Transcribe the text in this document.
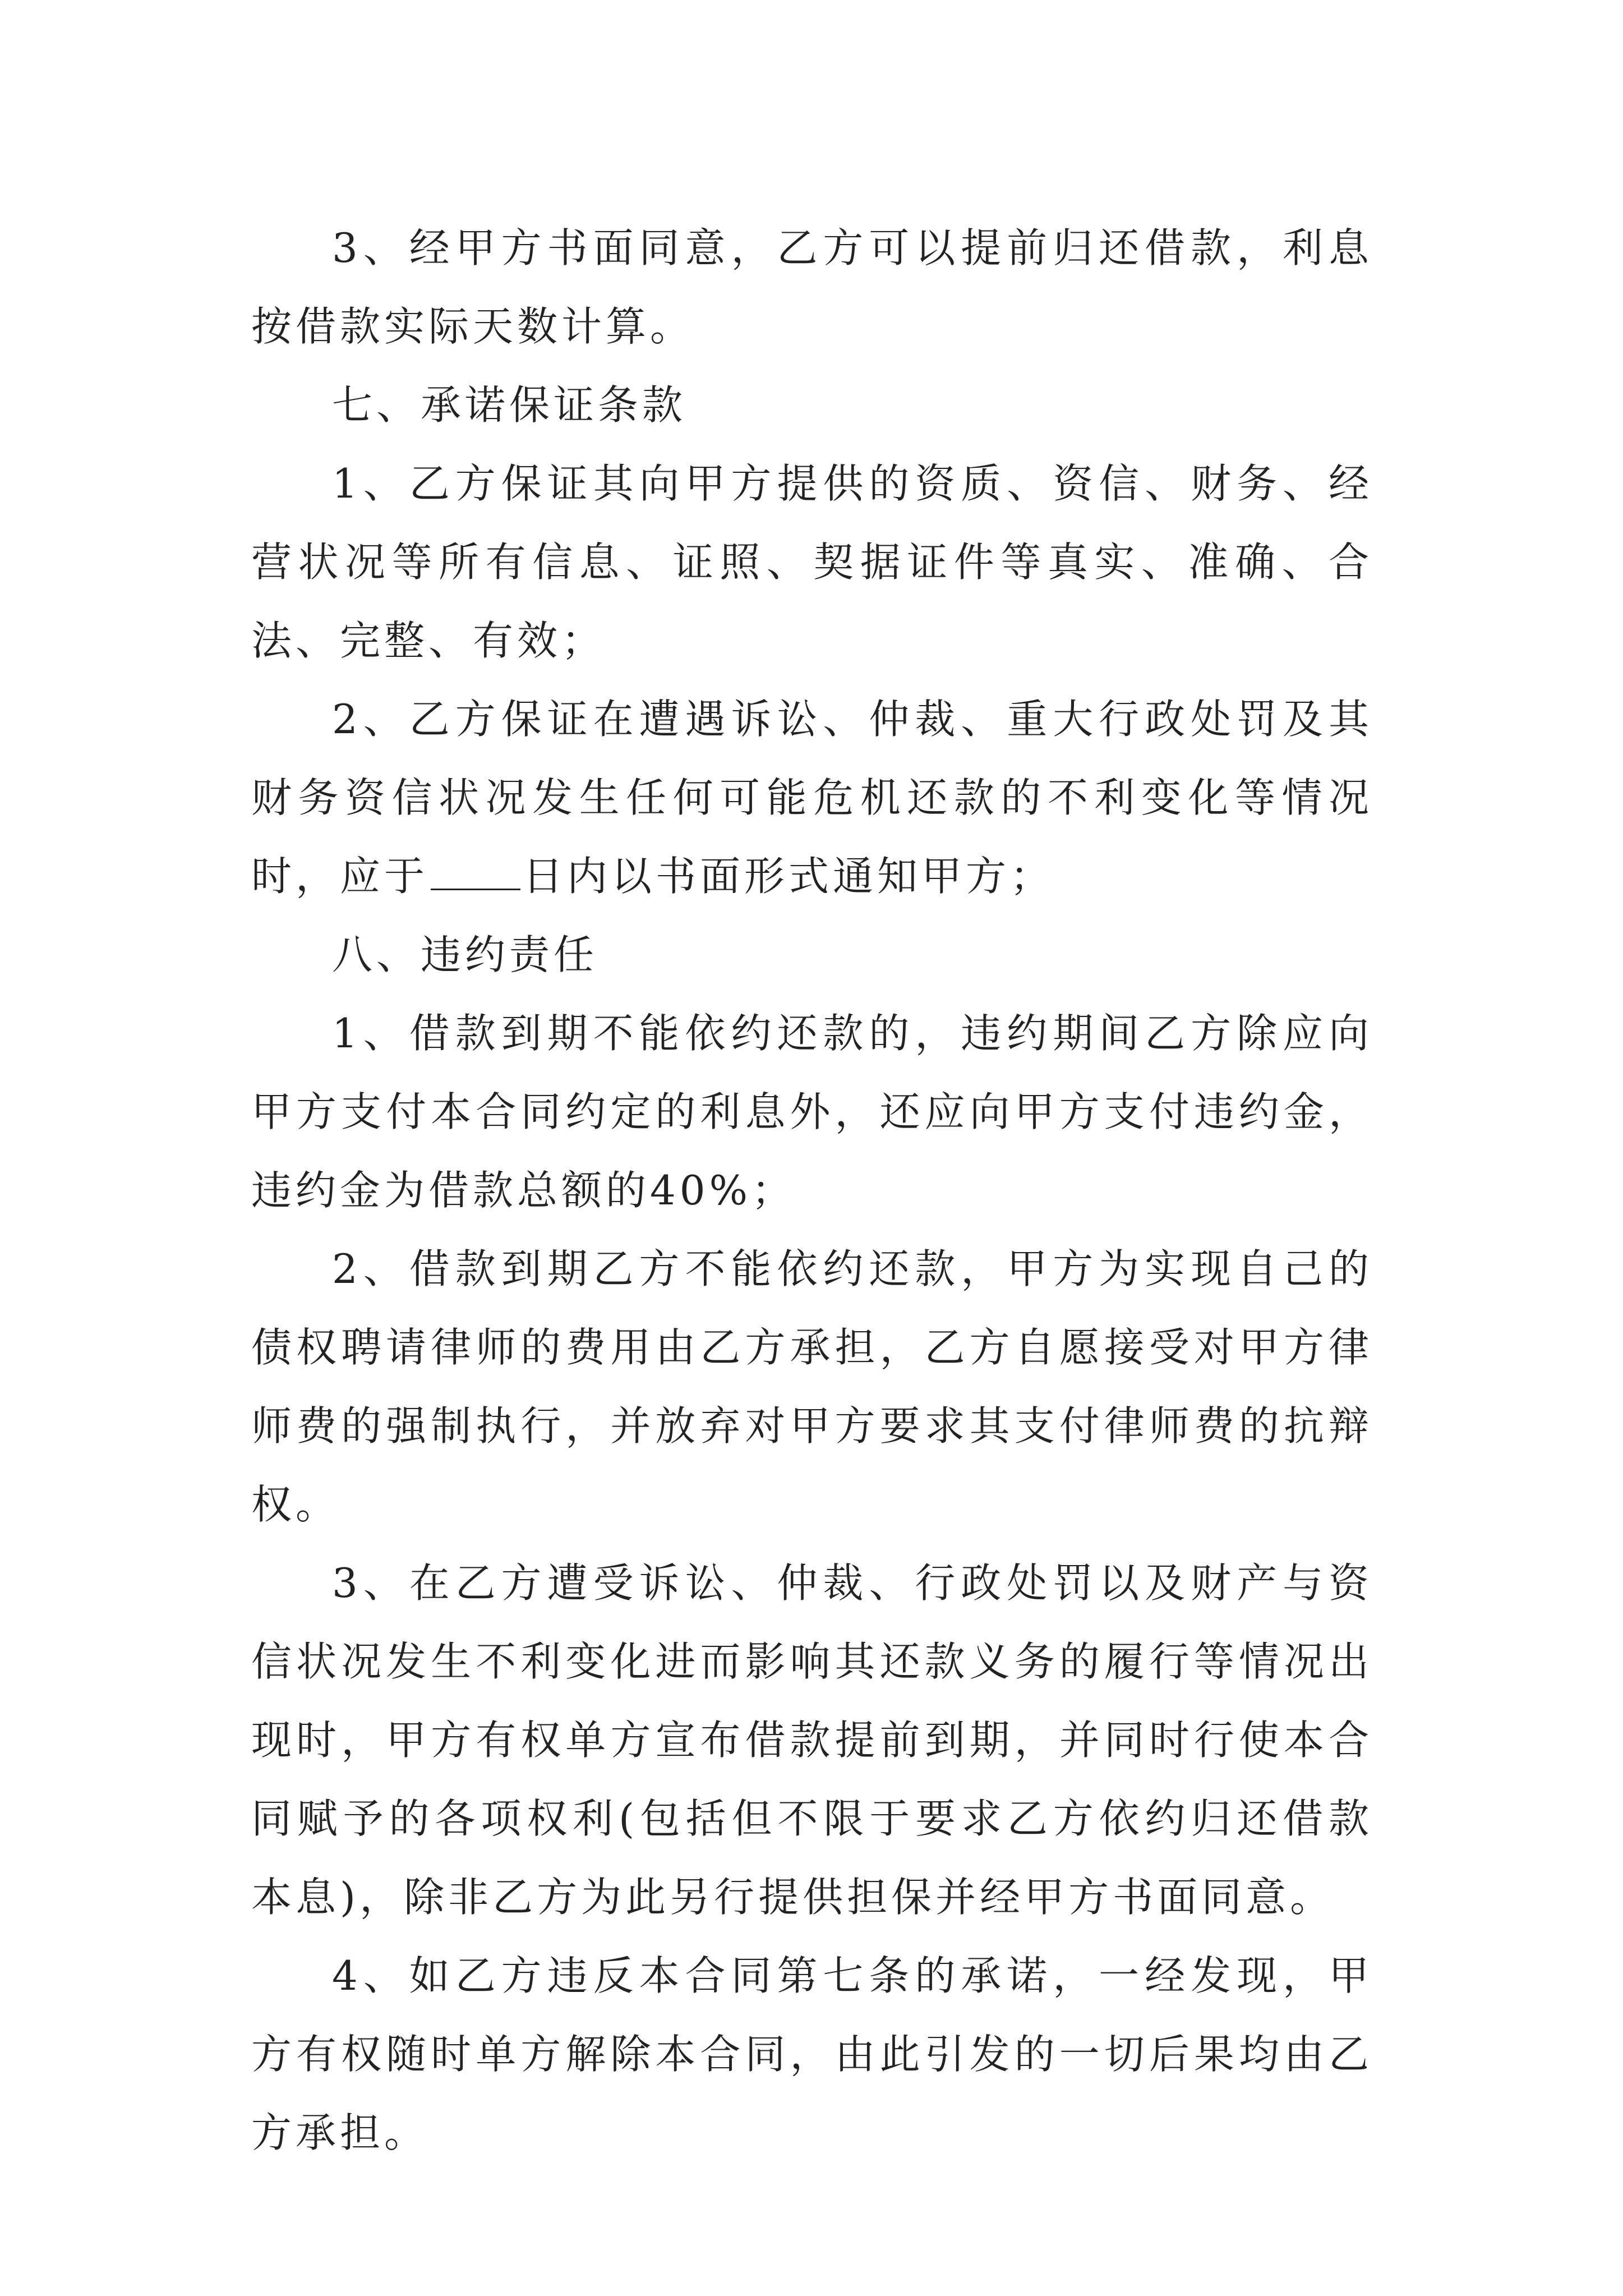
3、经甲方书面同意，乙方可以提前归还借款，利息按借款实际天数计算。

七、承诺保证条款

1、乙方保证其向甲方提供的资质、资信、财务、经营状况等所有信息、证照、契据证件等真实、准确、合法、完整、有效；

2、乙方保证在遭遇诉讼、仲裁、重大行政处罚及其财务资信状况发生任何可能危机还款的不利变化等情况时，应于 日内以书面形式通知甲方；

八、违约责任

1、借款到期不能依约还款的，违约期间乙方除应向甲方支付本合同约定的利息外，还应向甲方支付违约金，违约金为借款总额的40%；

2、借款到期乙方不能依约还款，甲方为实现自己的债权聘请律师的费用由乙方承担，乙方自愿接受对甲方律师费的强制执行，并放弃对甲方要求其支付律师费的抗辩权。

3、在乙方遭受诉讼、仲裁、行政处罚以及财产与资信状况发生不利变化进而影响其还款义务的履行等情况出现时，甲方有权单方宣布借款提前到期，并同时行使本合同赋予的各项权利(包括但不限于要求乙方依约归还借款本息)，除非乙方为此另行提供担保并经甲方书面同意。

4、如乙方违反本合同第七条的承诺，一经发现，甲方有权随时单方解除本合同，由此引发的一切后果均由乙方承担。
